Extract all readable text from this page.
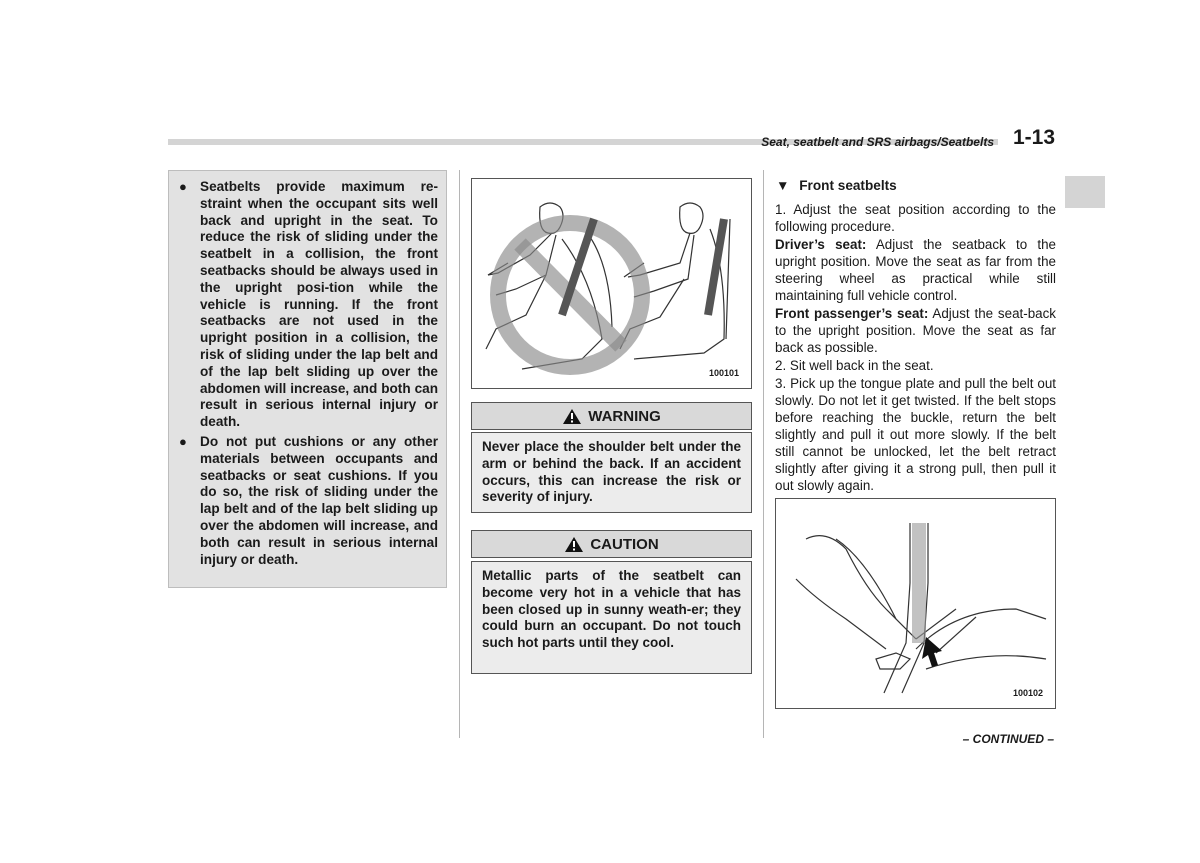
Seat, seatbelt and SRS airbags/Seatbelts 1-13
● Seatbelts provide maximum re-straint when the occupant sits well back and upright in the seat. To reduce the risk of sliding under the seatbelt in a collision, the front seatbacks should be always used in the upright posi-tion while the vehicle is running. If the front seatbacks are not used in the upright position in a collision, the risk of sliding under the lap belt and of the lap belt sliding up over the abdomen will increase, and both can result in serious internal injury or death.
● Do not put cushions or any other materials between occupants and seatbacks or seat cushions. If you do so, the risk of sliding under the lap belt and of the lap belt sliding up over the abdomen will increase, and both can result in serious internal injury or death.
100101
WARNING
Never place the shoulder belt under the arm or behind the back. If an accident occurs, this can increase the risk or severity of injury.
CAUTION
Metallic parts of the seatbelt can become very hot in a vehicle that has been closed up in sunny weath-er; they could burn an occupant. Do not touch such hot parts until they cool.
▼ Front seatbelts

1. Adjust the seat position according to the following procedure.

Driver’s seat: Adjust the seatback to the upright position. Move the seat as far from the steering wheel as practical while still maintaining full vehicle control.

Front passenger’s seat: Adjust the seat-back to the upright position. Move the seat as far back as possible.

2. Sit well back in the seat.

3. Pick up the tongue plate and pull the belt out slowly. Do not let it get twisted. If the belt stops before reaching the buckle, return the belt slightly and pull it out more slowly. If the belt still cannot be unlocked, let the belt retract slightly after giving it a strong pull, then pull it out slowly again.

100102
– CONTINUED –
